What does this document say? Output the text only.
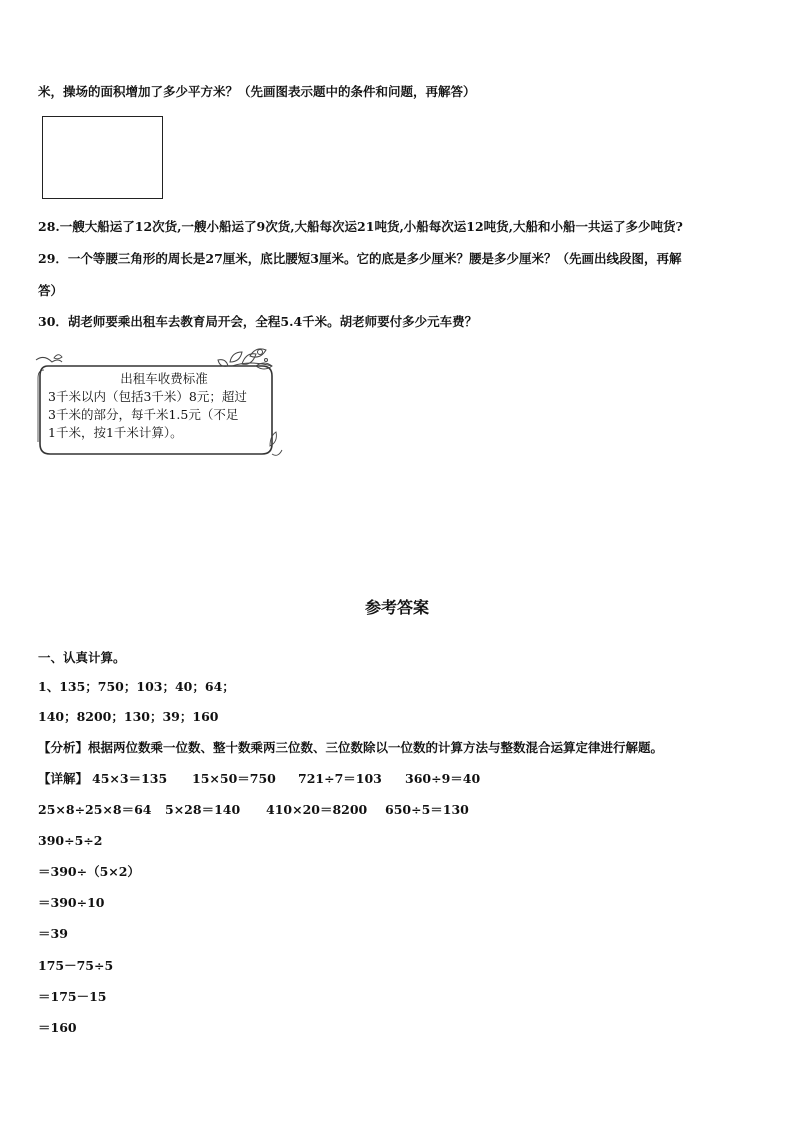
米，操场的面积增加了多少平方米？（先画图表示题中的条件和问题，再解答）
28.一艘大船运了12次货,一艘小船运了9次货,大船每次运21吨货,小船每次运12吨货,大船和小船一共运了多少吨货?
29．一个等腰三角形的周长是27厘米，底比腰短3厘米。它的底是多少厘米？腰是多少厘米？（先画出线段图，再解
答）
30．胡老师要乘出租车去教育局开会，全程5.4千米。胡老师要付多少元车费？
出租车收费标准
3千米以内（包括3千米）8元；超过
3千米的部分，每千米1.5元（不足
1千米，按1千米计算）。
参考答案
一、认真计算。
1、135；750；103；40；64；
140；8200；130；39；160
【分析】根据两位数乘一位数、整十数乘两三位数、三位数除以一位数的计算方法与整数混合运算定律进行解题。
【详解】 45×3＝135 15×50＝750 721÷7＝103 360÷9＝40
25×8÷25×8＝64 5×28＝140 410×20＝8200 650÷5＝130
390÷5÷2
＝390÷（5×2）
＝390÷10
＝39
175－75÷5
＝175－15
＝160
